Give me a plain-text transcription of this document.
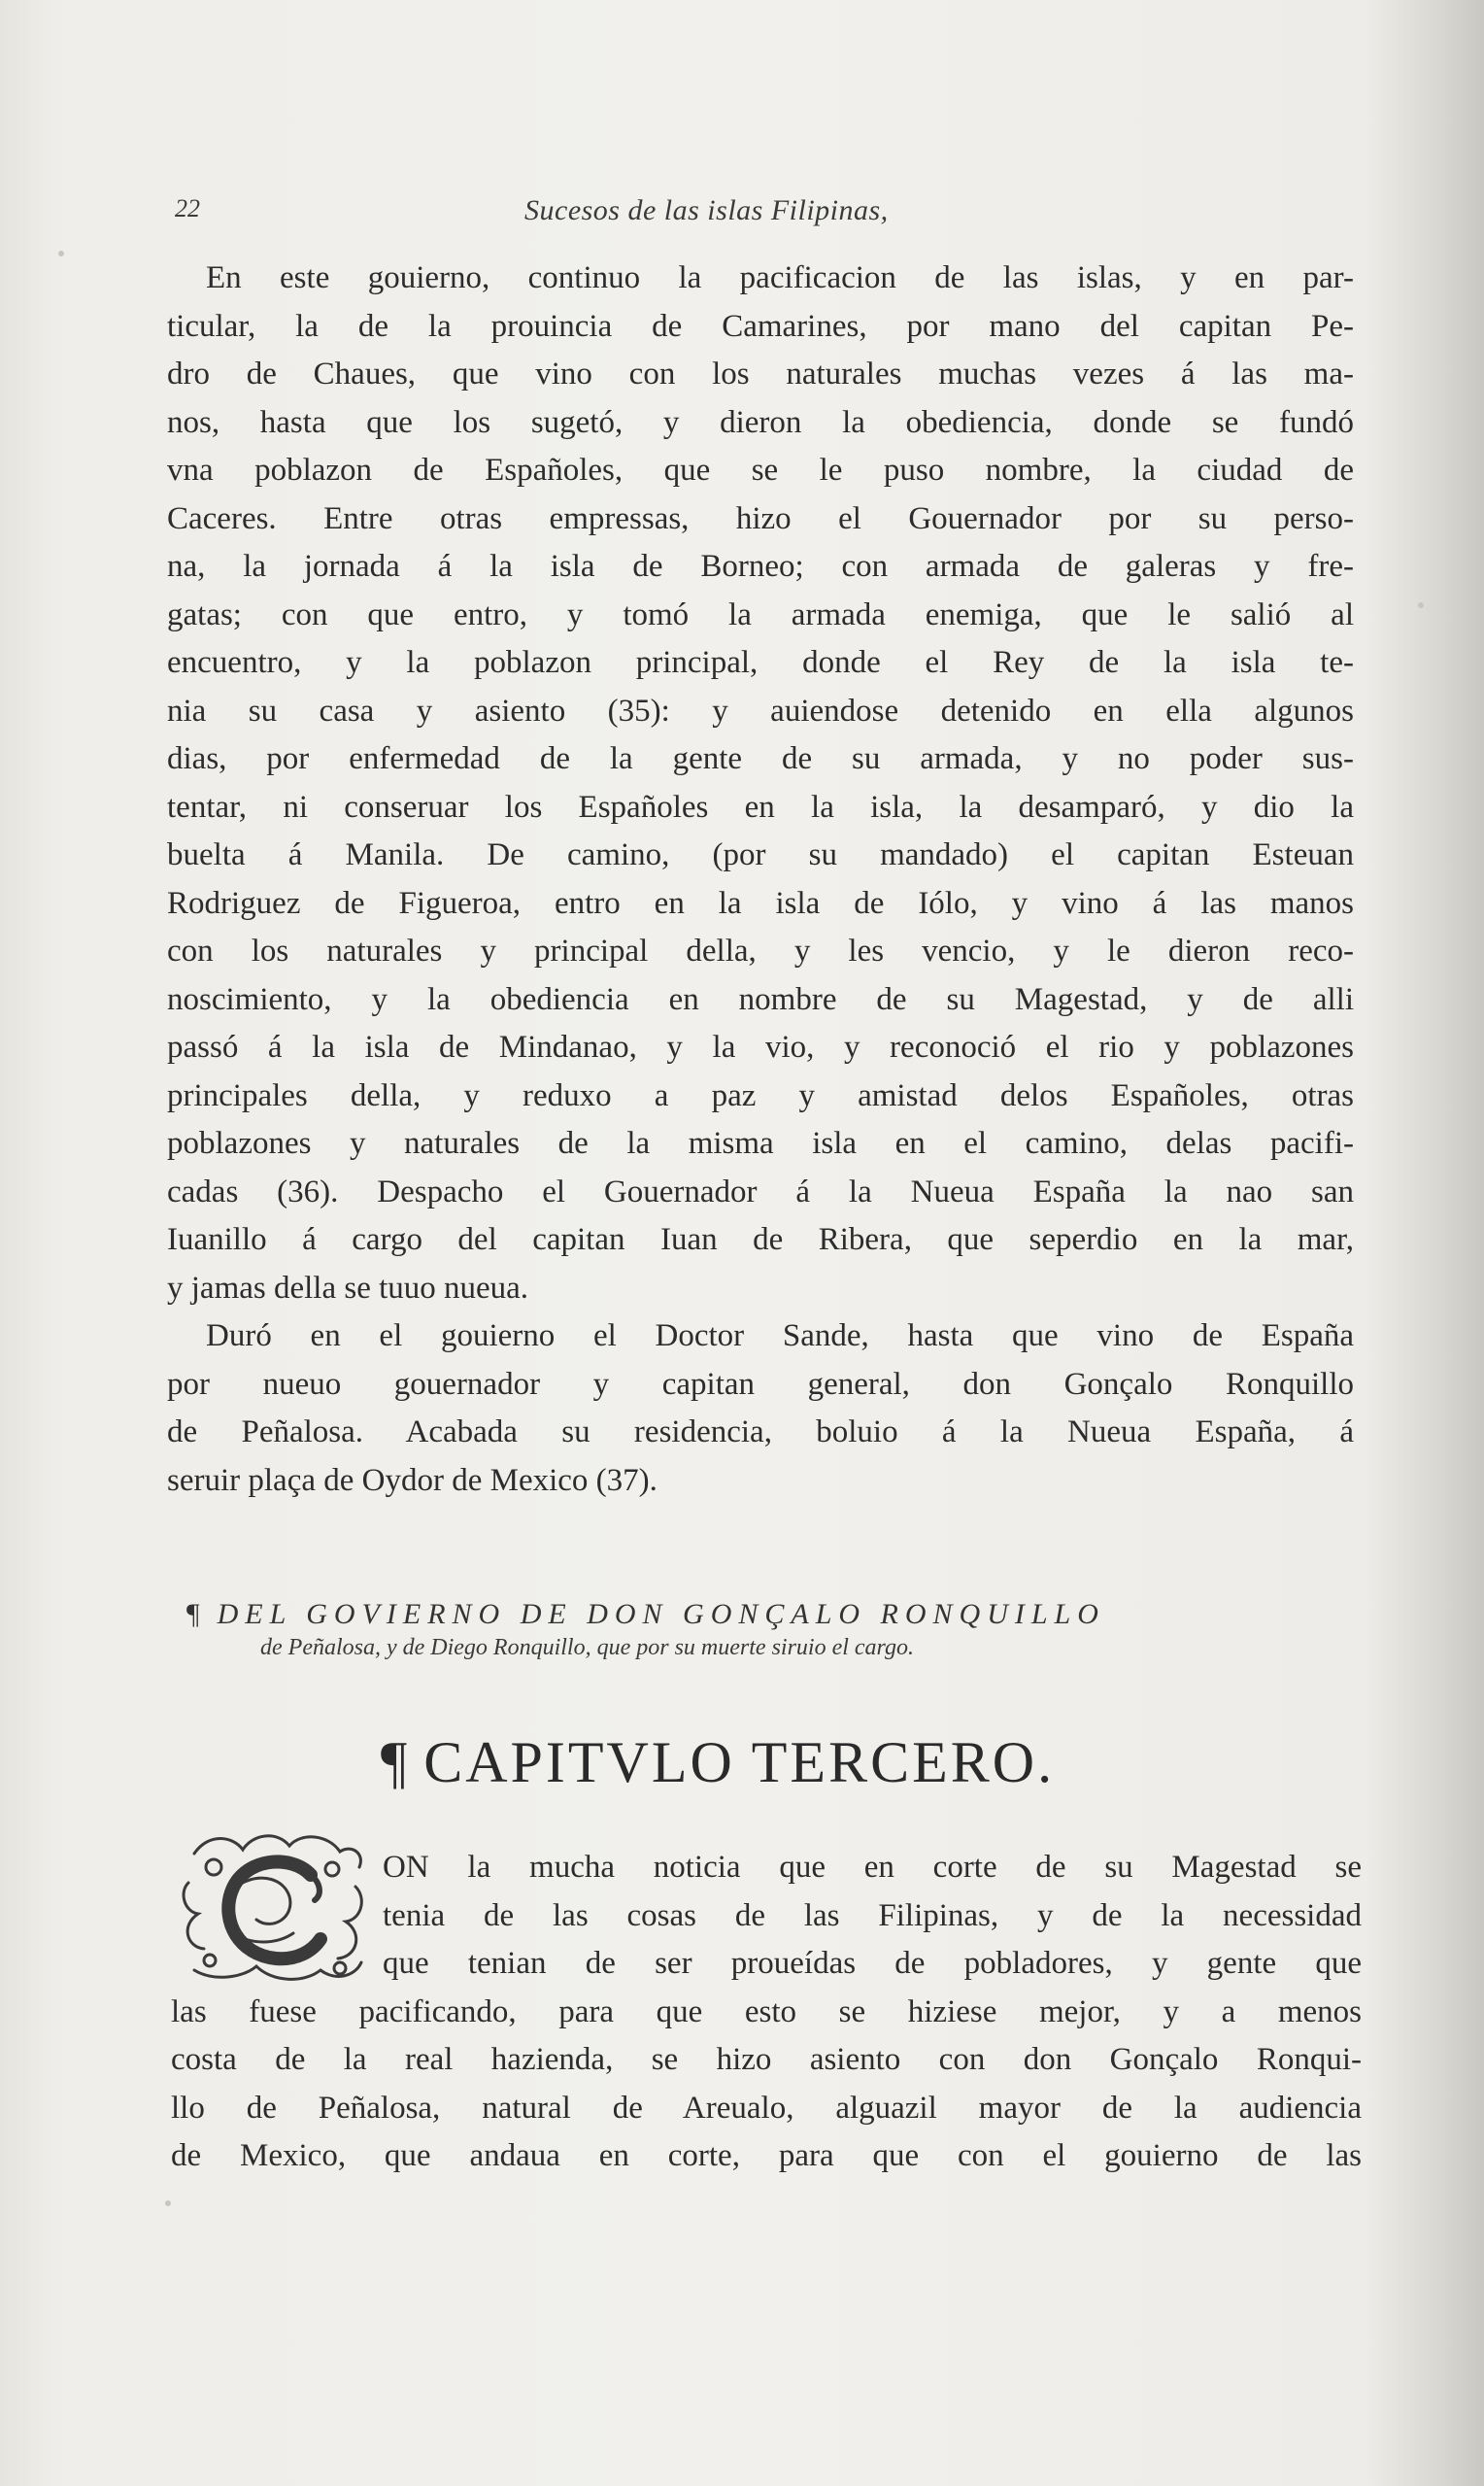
22	Sucesos de las islas Filipinas,
En este gouierno, continuo la pacificacion de las islas, y en par-
ticular, la de la prouincia de Camarines, por mano del capitan Pe-
dro de Chaues, que vino con los naturales muchas vezes á las ma-
nos, hasta que los sugetó, y dieron la obediencia, donde se fundó
vna poblazon de Españoles, que se le puso nombre, la ciudad de
Caceres. Entre otras empressas, hizo el Gouernador por su perso-
na, la jornada á la isla de Borneo; con armada de galeras y fre-
gatas; con que entro, y tomó la armada enemiga, que le salió al
encuentro, y la poblazon principal, donde el Rey de la isla te-
nia su casa y asiento (35): y auiendose detenido en ella algunos
dias, por enfermedad de la gente de su armada, y no poder sus-
tentar, ni conseruar los Españoles en la isla, la desamparó, y dio la
buelta á Manila. De camino, (por su mandado) el capitan Esteuan
Rodriguez de Figueroa, entro en la isla de Iólo, y vino á las manos
con los naturales y principal della, y les vencio, y le dieron reco-
noscimiento, y la obediencia en nombre de su Magestad, y de alli
passó á la isla de Mindanao, y la vio, y reconoció el rio y poblazones
principales della, y reduxo a paz y amistad delos Españoles, otras
poblazones y naturales de la misma isla en el camino, delas pacifi-
cadas (36). Despacho el Gouernador á la Nueua España la nao san
Iuanillo á cargo del capitan Iuan de Ribera, que seperdio en la mar,
y jamas della se tuuo nueua.
Duró en el gouierno el Doctor Sande, hasta que vino de España
por nueuo gouernador y capitan general, don Gonçalo Ronquillo
de Peñalosa. Acabada su residencia, boluio á la Nueua España, á
seruir plaça de Oydor de Mexico (37).
¶ DEL GOVIERNO DE DON GONÇALO RONQUILLO
de Peñalosa, y de Diego Ronquillo, que por su muerte siruio el cargo.
¶ CAPITVLO TERCERO.
ON la mucha noticia que en corte de su Magestad se
tenia de las cosas de las Filipinas, y de la necessidad
que tenian de ser proueídas de pobladores, y gente que
las fuese pacificando, para que esto se hiziese mejor, y a menos
costa de la real hazienda, se hizo asiento con don Gonçalo Ronqui-
llo de Peñalosa, natural de Areualo, alguazil mayor de la audiencia
de Mexico, que andaua en corte, para que con el gouierno de las
